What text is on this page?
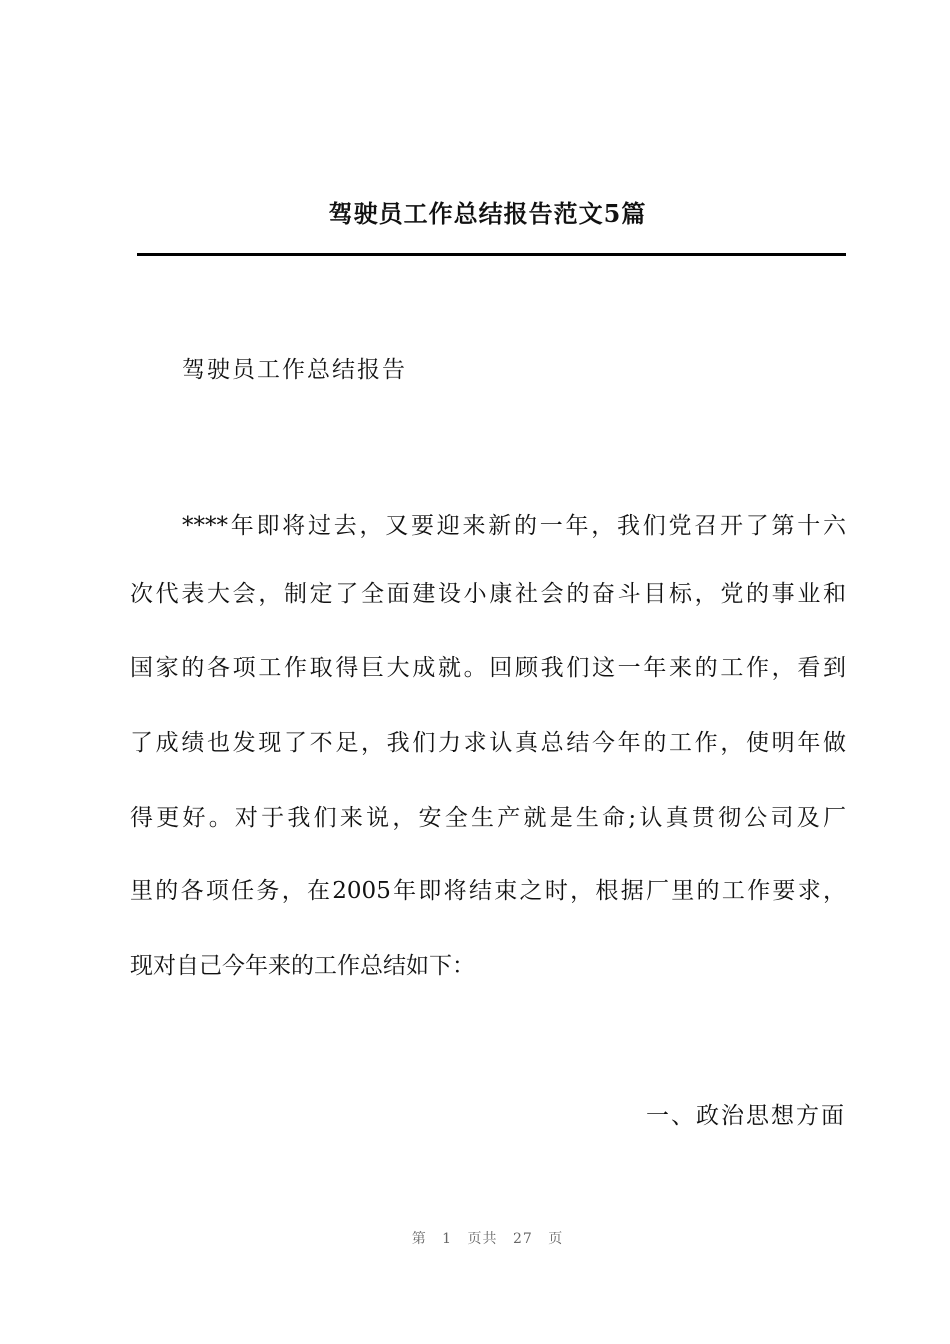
驾驶员工作总结报告范文5篇
驾驶员工作总结报告
****年即将过去，又要迎来新的一年，我们党召开了第十六
次代表大会，制定了全面建设小康社会的奋斗目标，党的事业和
国家的各项工作取得巨大成就。回顾我们这一年来的工作，看到
了成绩也发现了不足，我们力求认真总结今年的工作，使明年做
得更好。对于我们来说，安全生产就是生命;认真贯彻公司及厂
里的各项任务，在2005年即将结束之时，根据厂里的工作要求，
现对自己今年来的工作总结如下：
一、政治思想方面
第 1 页共 27 页
